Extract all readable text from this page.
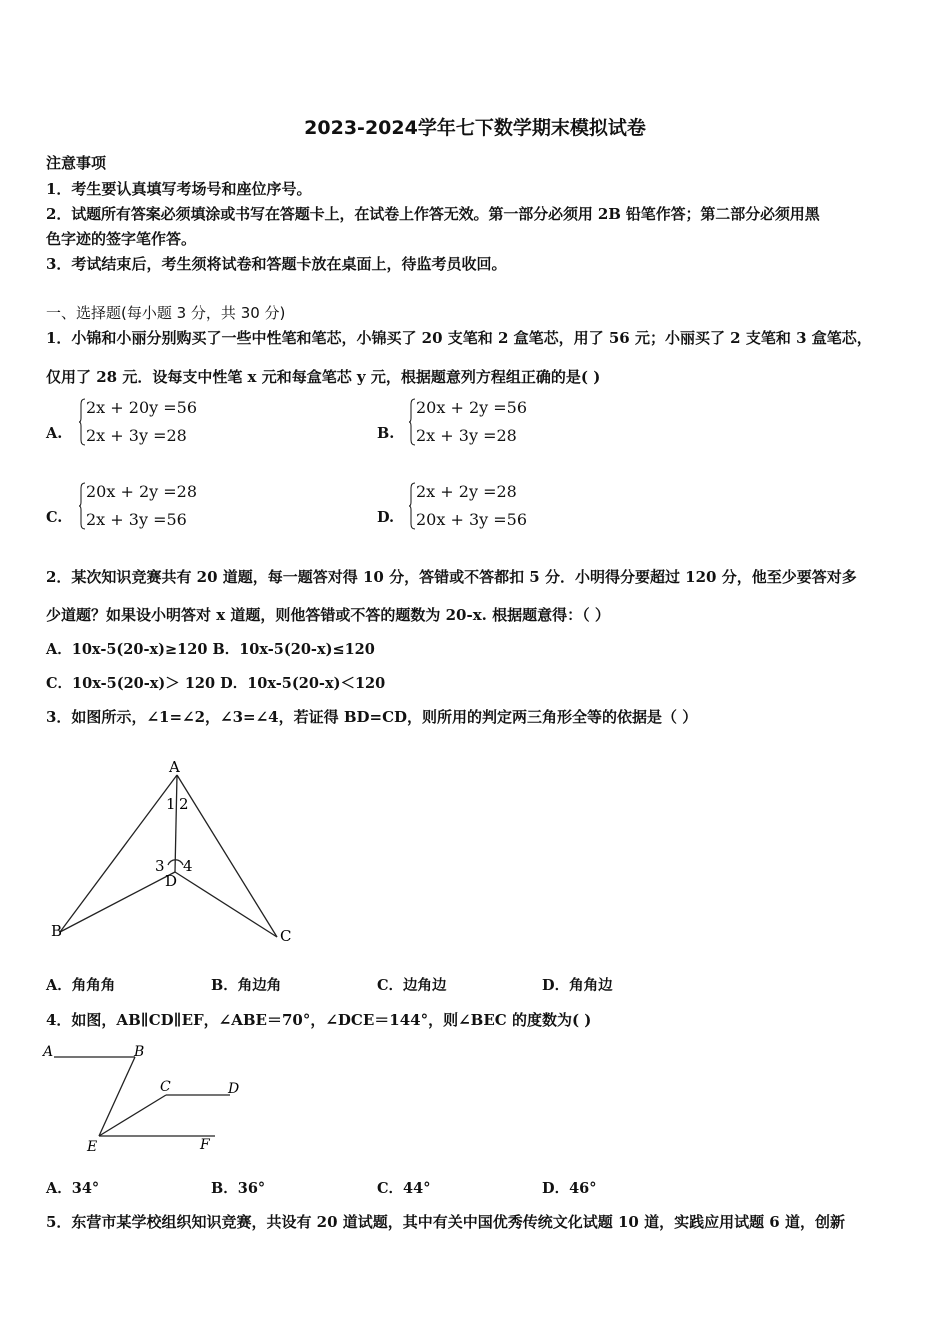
2023-2024学年七下数学期末模拟试卷
注意事项
1．考生要认真填写考场号和座位序号。
2．试题所有答案必须填涂或书写在答题卡上，在试卷上作答无效。第一部分必须用 2B 铅笔作答；第二部分必须用黑
色字迹的签字笔作答。
3．考试结束后，考生须将试卷和答题卡放在桌面上，待监考员收回。
一、选择题(每小题 3 分，共 30 分)
1．小锦和小丽分别购买了一些中性笔和笔芯，小锦买了 20 支笔和 2 盒笔芯，用了 56 元；小丽买了 2 支笔和 3 盒笔芯，
仅用了 28 元．设每支中性笔 x 元和每盒笔芯 y 元，根据题意列方程组正确的是( )
A.
2x + 20y =56
2x + 3y =28	B.
20x + 2y =56
2x + 3y =28
C.
20x + 2y =28
2x + 3y =56	D.
2x + 2y =28
20x + 3y =56
2．某次知识竞赛共有 20 道题，每一题答对得 10 分，答错或不答都扣 5 分．小明得分要超过 120 分，他至少要答对多
少道题？如果设小明答对 x 道题，则他答错或不答的题数为 20-x. 根据题意得：（ ）
A．10x-5(20-x)≥120 B．10x-5(20-x)≤120
C．10x-5(20-x)＞ 120 D．10x-5(20-x)＜120
3．如图所示，∠1=∠2，∠3=∠4，若证得 BD=CD，则所用的判定两三角形全等的依据是（ ）
A
1 2
3 4
D
B	C
A．角角角	B．角边角	C．边角边	D．角角边
4．如图，AB∥CD∥EF，∠ABE＝70°，∠DCE＝144°，则∠BEC 的度数为( )
A	B
C	D
E	F
A．34°	B．36°	C．44°	D．46°
5．东营市某学校组织知识竞赛，共设有 20 道试题，其中有关中国优秀传统文化试题 10 道，实践应用试题 6 道，创新
